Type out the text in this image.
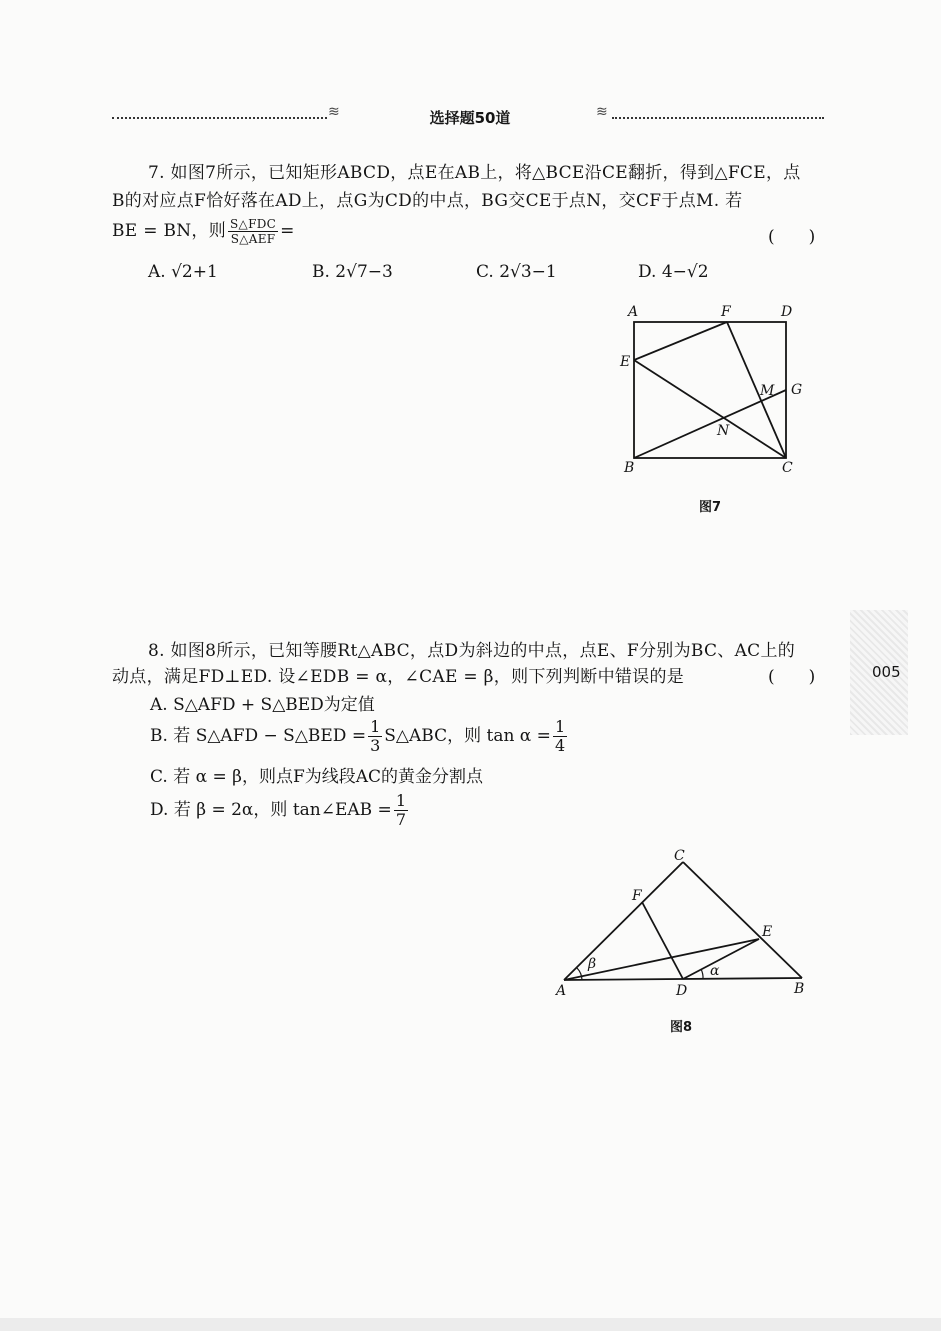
≋	选择题50道	≋
7. 如图7所示，已知矩形ABCD，点E在AB上，将△BCE沿CE翻折，得到△FCE，点
B的对应点F恰好落在AD上，点G为CD的中点，BG交CE于点N，交CF于点M. 若
BE = BN，则 $\frac{\text{S△FDC}}{\text{S△AEF}}$ =	(　　)
A. √2+1	B. 2√7−3	C. 2√3−1	D. 4−√2
A	F	D
E
M G
N
B	C
图7
005
8. 如图8所示，已知等腰Rt△ABC，点D为斜边的中点，点E、F分别为BC、AC上的
动点，满足FD⊥ED. 设∠EDB = α，∠CAE = β，则下列判断中错误的是	(　　)
A. S△AFD + S△BED为定值
B. 若 S△AFD − S△BED = $\frac{1}{3}$ S△ABC，则 $\tan \alpha = \frac{1}{4}$
C. 若 α = β，则点F为线段AC的黄金分割点
D. 若 β = 2α，则 tan∠EAB = $\frac{1}{7}$
C
F
E
β	α
A	D	B
图8
